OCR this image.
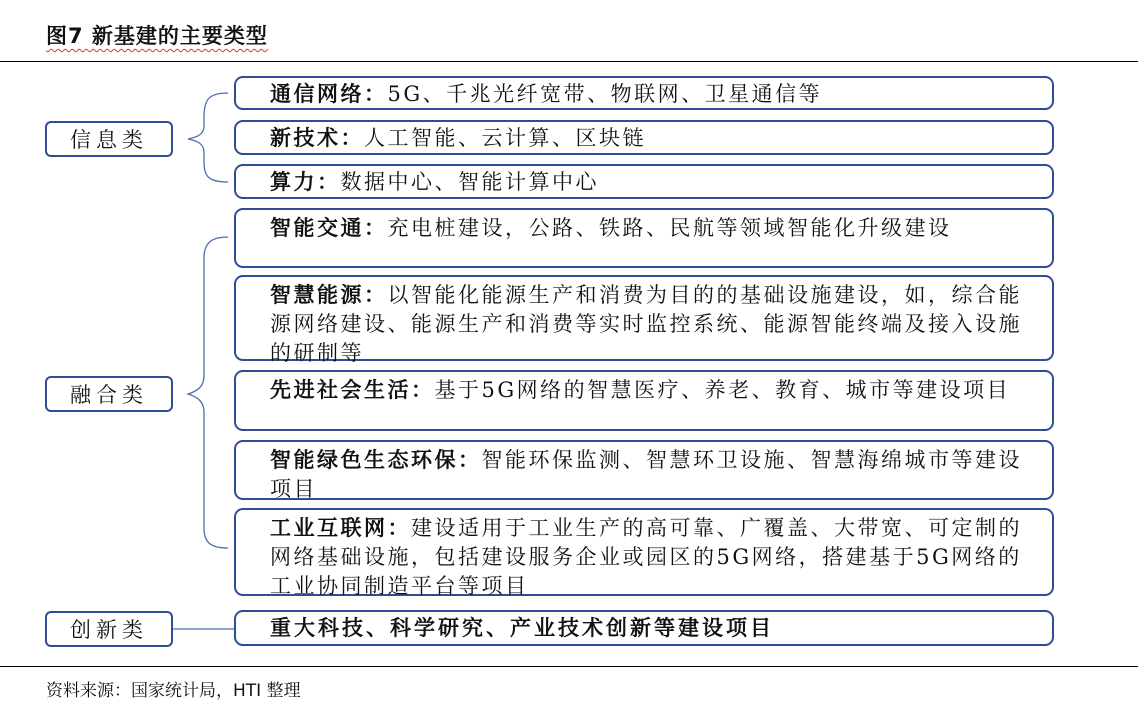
图7 新基建的主要类型
信息类
融合类
创新类
通信网络：5G、千兆光纤宽带、物联网、卫星通信等
新技术：人工智能、云计算、区块链
算力：数据中心、智能计算中心
智能交通：充电桩建设，公路、铁路、民航等领域智能化升级建设
智慧能源：以智能化能源生产和消费为目的的基础设施建设，如，综合能源网络建设、能源生产和消费等实时监控系统、能源智能终端及接入设施的研制等
先进社会生活：基于5G网络的智慧医疗、养老、教育、城市等建设项目
智能绿色生态环保：智能环保监测、智慧环卫设施、智慧海绵城市等建设项目
工业互联网：建设适用于工业生产的高可靠、广覆盖、大带宽、可定制的网络基础设施，包括建设服务企业或园区的5G网络，搭建基于5G网络的工业协同制造平台等项目
重大科技、科学研究、产业技术创新等建设项目
资料来源：国家统计局，HTI 整理
